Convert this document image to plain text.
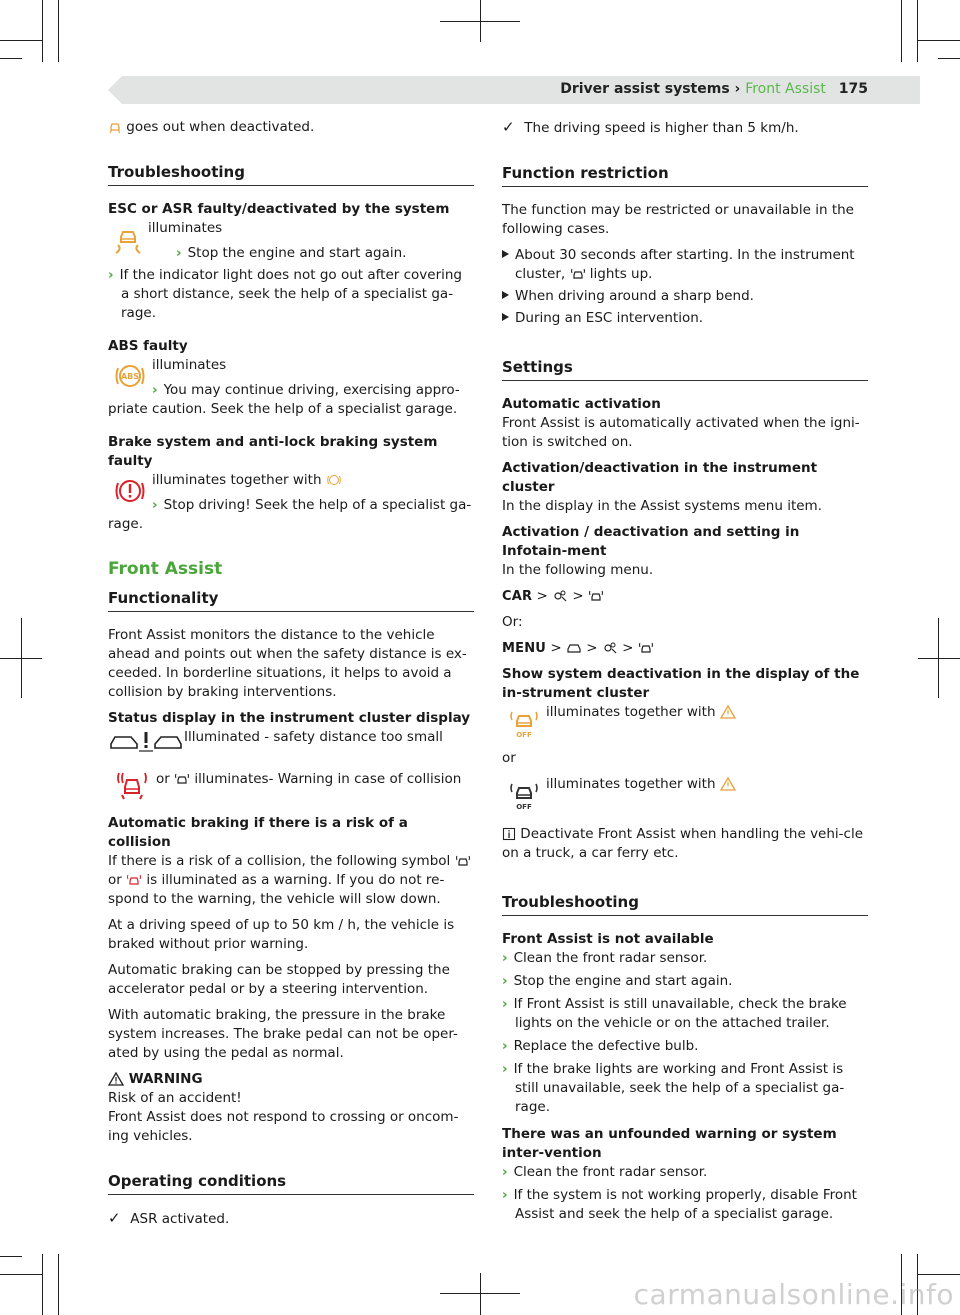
Driver assist systems › Front Assist 175

goes out when deactivated.

Troubleshooting

ESC or ASR faulty/deactivated by the system

illuminates
› Stop the engine and start again.

› If the indicator light does not go out after covering a short distance, seek the help of a specialist ga-rage.

ABS faulty

ABS
illuminates
› You may continue driving, exercising appro-

priate caution. Seek the help of a specialist garage.

Brake system and anti-lock braking system faulty

illuminates together with
› Stop driving! Seek the help of a specialist ga-

rage.

Front Assist
Functionality

Front Assist monitors the distance to the vehicle ahead and points out when the safety distance is ex-ceeded. In borderline situations, it helps to avoid a collision by braking interventions.

Status display in the instrument cluster display

Illuminated - safety distance too small
or illuminates- Warning in case of collision

Automatic braking if there is a risk of a collision

If there is a risk of a collision, the following symbol  or is illuminated as a warning. If you do not re-spond to the warning, the vehicle will slow down.

At a driving speed of up to 50 km / h, the vehicle is braked without prior warning.

Automatic braking can be stopped by pressing the accelerator pedal or by a steering intervention.

With automatic braking, the pressure in the brake system increases. The brake pedal can not be oper-ated by using the pedal as normal.

WARNING
Risk of an accident!

Front Assist does not respond to crossing or oncom-ing vehicles.

Operating conditions

✓ ASR activated.

✓ The driving speed is higher than 5 km/h.

Function restriction

The function may be restricted or unavailable in the following cases.

About 30 seconds after starting. In the instrument cluster, lights up.
When driving around a sharp bend.
During an ESC intervention.
Settings
Automatic activation

Front Assist is automatically activated when the igni-tion is switched on.

Activation/deactivation in the instrument cluster

In the display in the Assist systems menu item.

Activation / deactivation and setting in Infotain-ment

In the following menu.

CAR > >

Or:

MENU > > >

Show system deactivation in the display of the in-strument cluster
OFF
illuminates together with

or

OFF
illuminates together with

Deactivate Front Assist when handling the vehi-cle on a truck, a car ferry etc.

Troubleshooting
Front Assist is not available
› Clean the front radar sensor.
› Stop the engine and start again.
› If Front Assist is still unavailable, check the brake lights on the vehicle or on the attached trailer.
› Replace the defective bulb.
› If the brake lights are working and Front Assist is still unavailable, seek the help of a specialist ga-rage.
There was an unfounded warning or system inter-vention
› Clean the front radar sensor.
› If the system is not working properly, disable Front Assist and seek the help of a specialist garage.
carmanualsonline.info
